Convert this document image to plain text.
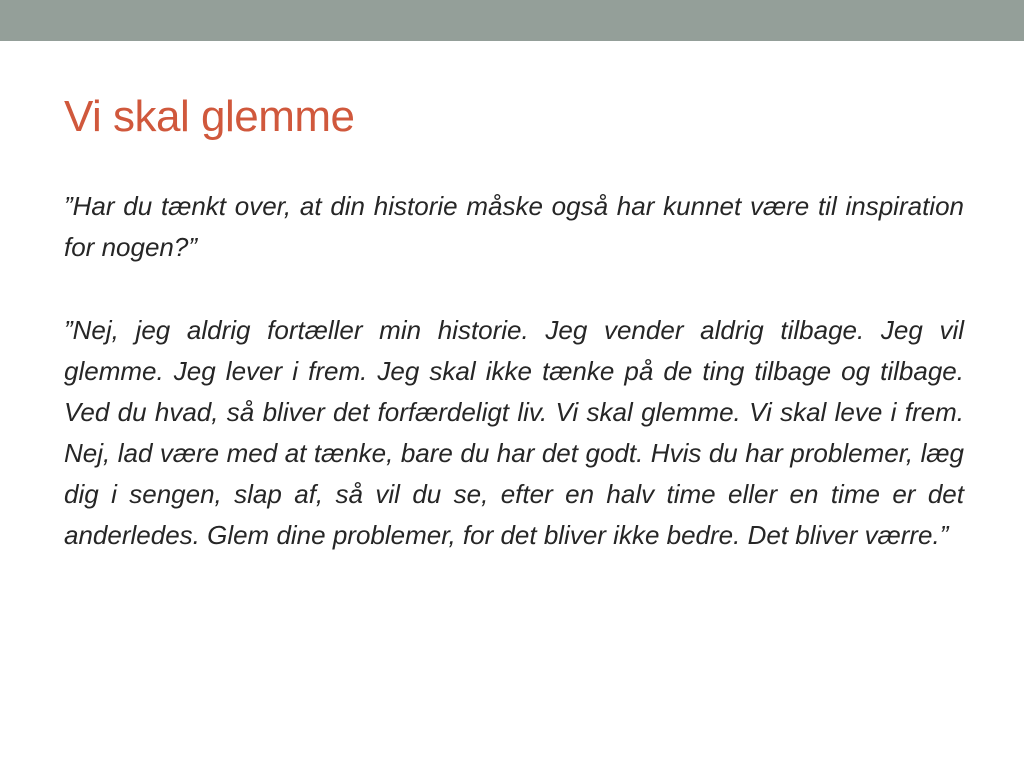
Vi skal glemme

”Har du tænkt over, at din historie måske også har kunnet være til inspiration for nogen?”

”Nej, jeg aldrig fortæller min historie. Jeg vender aldrig tilbage. Jeg vil glemme. Jeg lever i frem. Jeg skal ikke tænke på de ting tilbage og tilbage. Ved du hvad, så bliver det forfærdeligt liv. Vi skal glemme. Vi skal leve i frem. Nej, lad være med at tænke, bare du har det godt. Hvis du har problemer, læg dig i sengen, slap af, så vil du se, efter en halv time eller en time er det anderledes. Glem dine problemer, for det bliver ikke bedre. Det bliver værre.”
